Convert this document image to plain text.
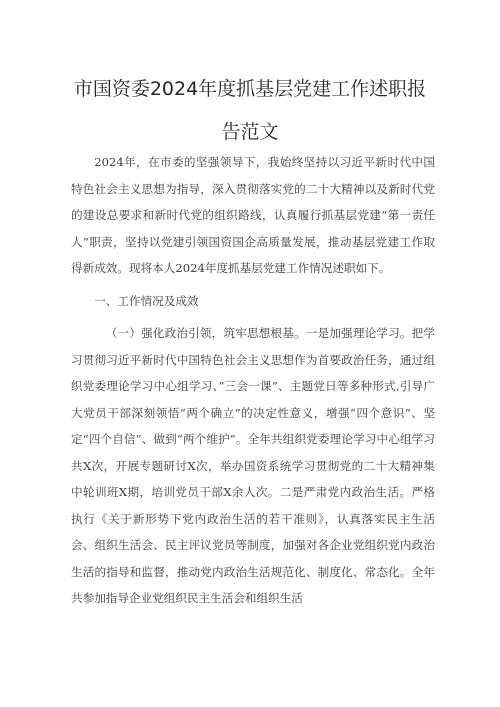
市国资委2024年度抓基层党建工作述职报
告范文

2024年，在市委的坚强领导下，我始终坚持以习近平新时代中国特色社会主义思想为指导，深入贯彻落实党的二十大精神以及新时代党的建设总要求和新时代党的组织路线，认真履行抓基层党建“第一责任人”职责，坚持以党建引领国资国企高质量发展，推动基层党建工作取得新成效。现将本人2024年度抓基层党建工作情况述职如下。

一、工作情况及成效

（一）强化政治引领，筑牢思想根基。一是加强理论学习。把学习贯彻习近平新时代中国特色社会主义思想作为首要政治任务，通过组织党委理论学习中心组学习、”三会一课”、主题党日等多种形式,引导广大党员干部深刻领悟“两个确立”的决定性意义，增强“四个意识”、坚定“四个自信”、做到“两个维护”。全年共组织党委理论学习中心组学习共X次，开展专题研讨X次，举办国资系统学习贯彻党的二十大精神集中轮训班X期，培训党员干部X余人次。二是严肃党内政治生活。严格执行《关于新形势下党内政治生活的若干准则》，认真落实民主生活会、组织生活会、民主评议党员等制度，加强对各企业党组织党内政治生活的指导和监督，推动党内政治生活规范化、制度化、常态化。全年共参加指导企业党组织民主生活会和组织生活
